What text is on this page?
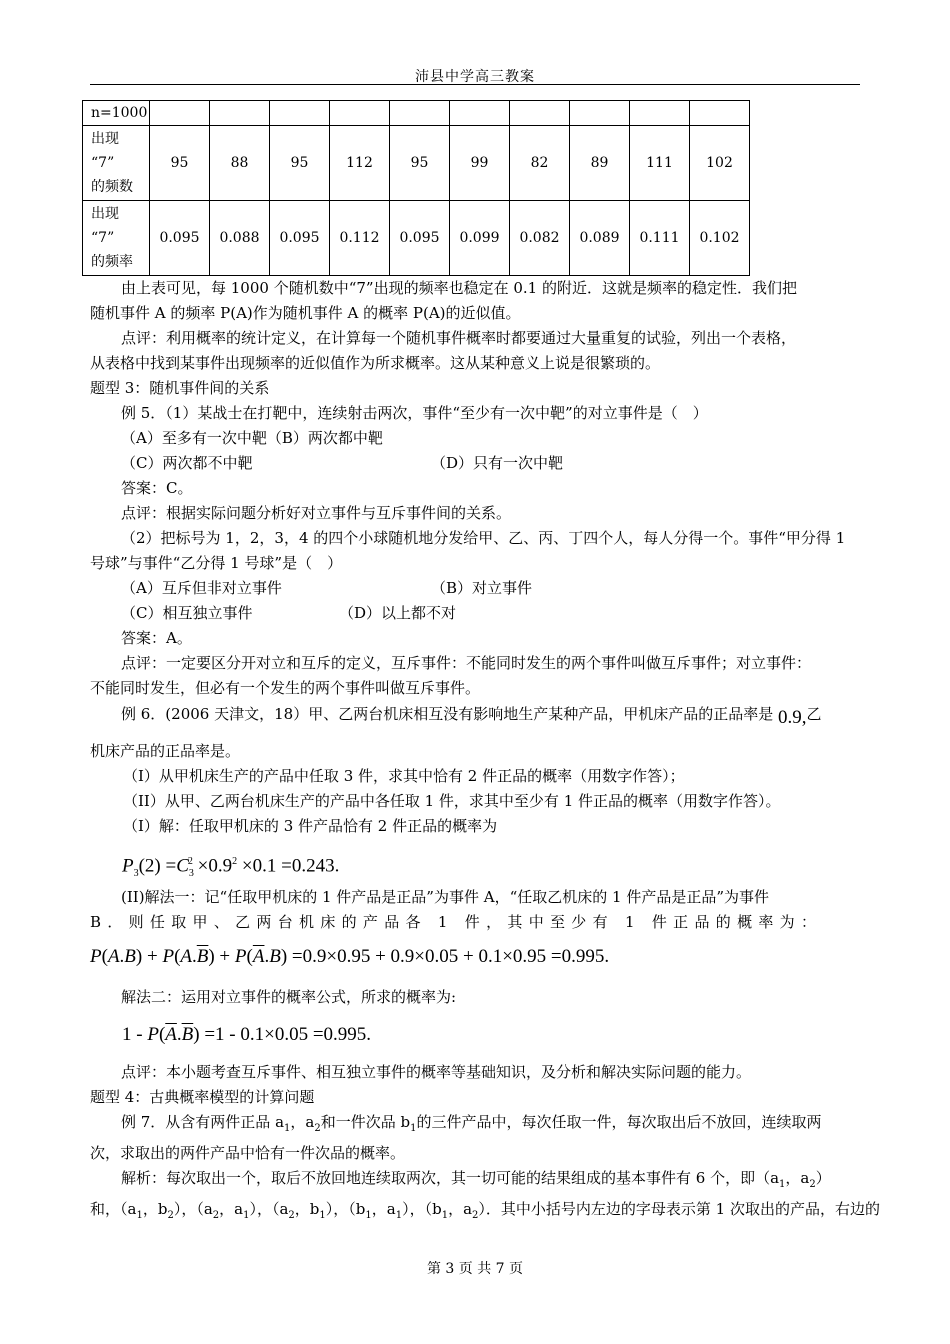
沛县中学高三教案
n=1000										

出现
“7”
的频数	95	88	95	112	95	99	82	89	111	102

出现
“7”
的频率	0.095	0.088	0.095	0.112	0.095	0.099	0.082	0.089	0.111	0.102

由上表可见，每 1000 个随机数中“7”出现的频率也稳定在 0.1 的附近．这就是频率的稳定性．我们把

随机事件 A 的频率 P(A)作为随机事件 A 的概率 P(A)的近似值。

点评：利用概率的统计定义，在计算每一个随机事件概率时都要通过大量重复的试验，列出一个表格，

从表格中找到某事件出现频率的近似值作为所求概率。这从某种意义上说是很繁琐的。

题型 3：随机事件间的关系

例 5．（1）某战士在打靶中，连续射击两次，事件“至少有一次中靶”的对立事件是（　）

（A）至多有一次中靶（B）两次都中靶

（C）两次都不中靶	（D）只有一次中靶

答案：C。

点评：根据实际问题分析好对立事件与互斥事件间的关系。

（2）把标号为 1，2，3，4 的四个小球随机地分发给甲、乙、丙、丁四个人，每人分得一个。事件“甲分得 1

号球”与事件“乙分得 1 号球”是（　）

（A）互斥但非对立事件	（B）对立事件

（C）相互独立事件	（D）以上都不对

答案：A。

点评：一定要区分开对立和互斥的定义，互斥事件：不能同时发生的两个事件叫做互斥事件；对立事件：

不能同时发生，但必有一个发生的两个事件叫做互斥事件。

例 6．(2006 天津文，18）甲、乙两台机床相互没有影响地生产某种产品，甲机床产品的正品率是 0.9,乙

机床产品的正品率是。

（I）从甲机床生产的产品中任取 3 件，求其中恰有 2 件正品的概率（用数字作答）；

（II）从甲、乙两台机床生产的产品中各任取 1 件，求其中至少有 1 件正品的概率（用数字作答）。

（I）解：任取甲机床的 3 件产品恰有 2 件正品的概率为

$P_3(2) =C_3^2 \times 0.9^2 \times 0.1 =0.243$.

(II)解法一：记“任取甲机床的 1 件产品是正品”为事件 A，“任取乙机床的 1 件产品是正品”为事件

B．则任取甲、乙两台机床的产品各 1 件，其中至少有 1 件正品的概率为：

$P(A.B) + P(A.\overline{B}) + P(\overline{A}.B) =0.9\times 0.95 + 0.9\times 0.05 + 0.1\times 0.95 =0.995$.

解法二：运用对立事件的概率公式，所求的概率为:

$1 - P(\overline{A}.\overline{B}) =1 - 0.1\times 0.05 =0.995$.

点评：本小题考查互斥事件、相互独立事件的概率等基础知识，及分析和解决实际问题的能力。

题型 4：古典概率模型的计算问题

例 7．从含有两件正品 $a_1$，$a_2$和一件次品 $b_1$的三件产品中，每次任取一件，每次取出后不放回，连续取两

次，求取出的两件产品中恰有一件次品的概率。

解析：每次取出一个，取后不放回地连续取两次，其一切可能的结果组成的基本事件有 6 个，即（$a_1$，$a_2$）

和，（$a_1$，$b_2$），（$a_2$，$a_1$），（$a_2$，$b_1$），（$b_1$，$a_1$），（$b_1$，$a_2$）．其中小括号内左边的字母表示第 1 次取出的产品，右边的

第 3 页 共 7 页
